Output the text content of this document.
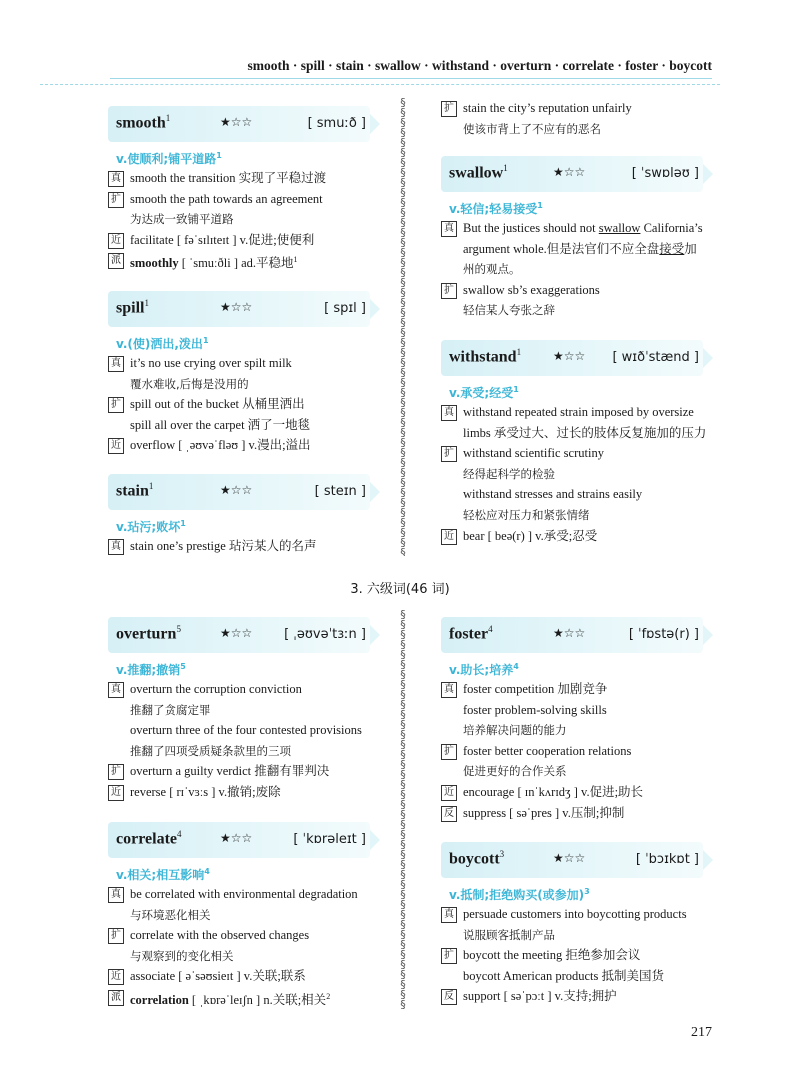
smooth · spill · stain · swallow · withstand · overturn · correlate · foster · boycott
§
§
§
§
§
§
§
§
§
§
§
§
§
§
§
§
§
§
§
§
§
§
§
§
§
§
§
§
§
§
§
§
§
§
§
§
§
§
§
§
§
§
§
§
§
§
§
§
§
§
§
§
§
§
§
§
§
§
§
§
§
§
§
§
§
§
§
§
§
§
§
§
§
§
§
§
§
§
§
§
§
§
§
§
§
§
smooth$^1$	★☆☆	[ smuːð ]
v.使顺利;铺平道路$^1$
真 smooth the transition 实现了平稳过渡
扩 smooth the path towards an agreement
为达成一致铺平道路
近 facilitate [ fəˈsɪlɪteɪt ] v.促进;使便利
派 smoothly [ ˈsmuːðli ] ad.平稳地$^1$
spill$^1$	★☆☆	[ spɪl ]
v.(使)洒出,泼出$^1$
真 it’s no use crying over spilt milk
覆水难收,后悔是没用的
扩 spill out of the bucket 从桶里洒出
spill all over the carpet 洒了一地毯
近 overflow [ ˌəʊvəˈfləʊ ] v.漫出;溢出
stain$^1$	★☆☆	[ steɪn ]
v.玷污;败坏$^1$
真 stain one’s prestige 玷污某人的名声
扩 stain the city’s reputation unfairly
使该市背上了不应有的恶名
swallow$^1$	★☆☆	[ ˈswɒləʊ ]
v.轻信;轻易接受$^1$
真 But the justices should not swallow California’s
argument whole.但是法官们不应全盘接受加
州的观点。
扩 swallow sb’s exaggerations
轻信某人夸张之辞
withstand$^1$	★☆☆ [ wɪðˈstænd ]
v.承受;经受$^1$
真 withstand repeated strain imposed by oversize
limbs 承受过大、过长的肢体反复施加的压力
扩 withstand scientific scrutiny
经得起科学的检验
withstand stresses and strains easily
轻松应对压力和紧张情绪
近 bear [ beə(r) ] v.承受;忍受
3. 六级词(46 词)
overturn$^5$	★☆☆ [ ˌəʊvəˈtɜːn ]
v.推翻;撤销$^5$
真 overturn the corruption conviction
推翻了贪腐定罪
overturn three of the four contested provisions
推翻了四项受质疑条款里的三项
扩 overturn a guilty verdict 推翻有罪判决
近 reverse [ rɪˈvɜːs ] v.撤销;废除
correlate$^4$	★☆☆	[ ˈkɒrəleɪt ]
v.相关;相互影响$^4$
真 be correlated with environmental degradation
与环境恶化相关
扩 correlate with the observed changes
与观察到的变化相关
近 associate [ əˈsəʊsieɪt ] v.关联;联系
派 correlation [ ˌkɒrəˈleɪʃn ] n.关联;相关$^2$
foster$^4$	★☆☆	[ ˈfɒstə(r) ]
v.助长;培养$^4$
真 foster competition 加剧竞争
foster problem-solving skills
培养解决问题的能力
扩 foster better cooperation relations
促进更好的合作关系
近 encourage [ ɪnˈkʌrɪdʒ ] v.促进;助长
反 suppress [ səˈpres ] v.压制;抑制
boycott$^3$	★☆☆	[ ˈbɔɪkɒt ]
v.抵制;拒绝购买(或参加)$^3$
真 persuade customers into boycotting products
说服顾客抵制产品
扩 boycott the meeting 拒绝参加会议
boycott American products 抵制美国货
反 support [ səˈpɔːt ] v.支持;拥护
217
